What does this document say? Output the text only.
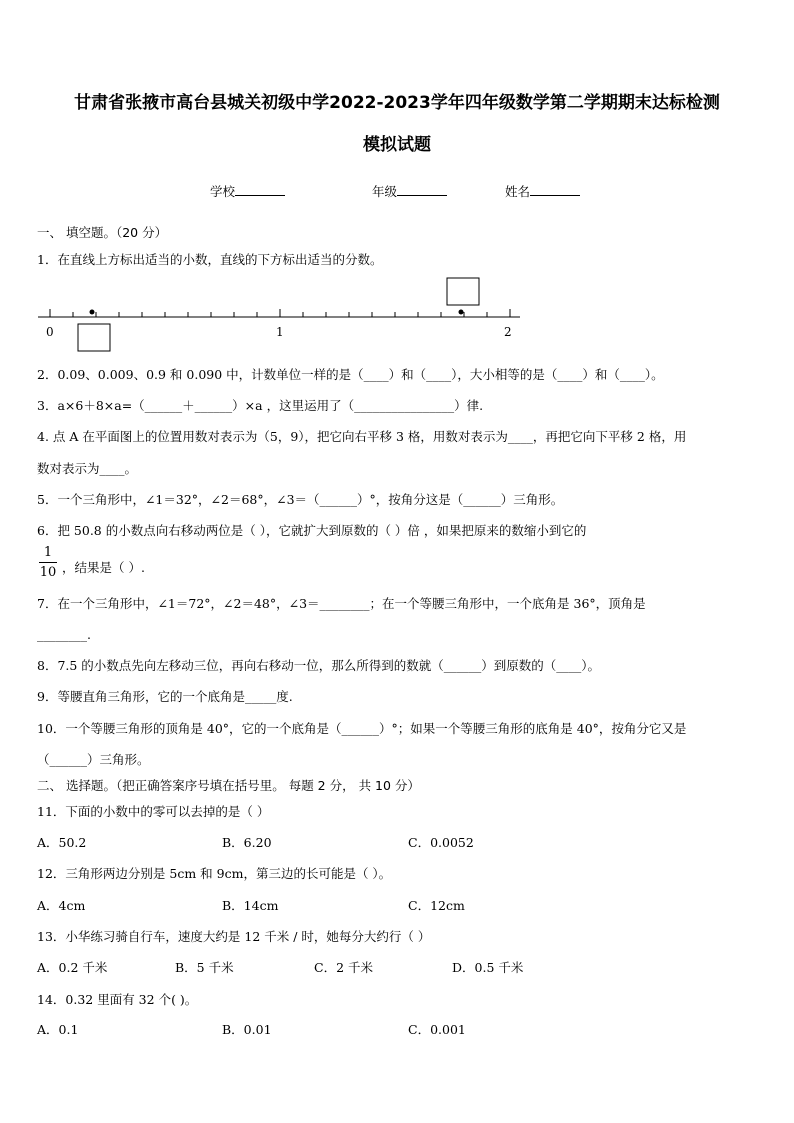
甘肃省张掖市高台县城关初级中学2022-2023学年四年级数学第二学期期末达标检测
模拟试题
学校	年级	姓名
一、 填空题。（20 分）
1．在直线上方标出适当的小数，直线的下方标出适当的分数。
0	1	2
2．0.09、0.009、0.9 和 0.090 中，计数单位一样的是（____）和（____），大小相等的是（____）和（____）。
3．a×6＋8×a=（______＋______）×a ，这里运用了（________________）律.
4. 点 A 在平面图上的位置用数对表示为（5，9），把它向右平移 3 格，用数对表示为____，再把它向下平移 2 格，用
数对表示为____。
5．一个三角形中，∠1＝32°，∠2＝68°，∠3＝（______）°，按角分这是（______）三角形。
6．把 50.8 的小数点向右移动两位是（ ），它就扩大到原数的（ ）倍 ，如果把原来的数缩小到它的
1
10 ，结果是（ ）.
7．在一个三角形中，∠1＝72°，∠2＝48°，∠3＝________；在一个等腰三角形中，一个底角是 36°，顶角是
________.
8．7.5 的小数点先向左移动三位，再向右移动一位，那么所得到的数就（______）到原数的（____）。
9．等腰直角三角形，它的一个底角是_____度.
10．一个等腰三角形的顶角是 40°，它的一个底角是（______）°；如果一个等腰三角形的底角是 40°，按角分它又是
（______）三角形。
二、 选择题。（把正确答案序号填在括号里。 每题 2 分， 共 10 分）
11．下面的小数中的零可以去掉的是（ ）
A．50.2	B．6.20	C．0.0052
12．三角形两边分别是 5cm 和 9cm，第三边的长可能是（ ）。
A．4cm	B．14cm	C．12cm
13．小华练习骑自行车，速度大约是 12 千米 / 时，她每分大约行（ ）
A．0.2 千米	B．5 千米	C．2 千米	D．0.5 千米
14．0.32 里面有 32 个( )。
A．0.1	B．0.01	C．0.001
